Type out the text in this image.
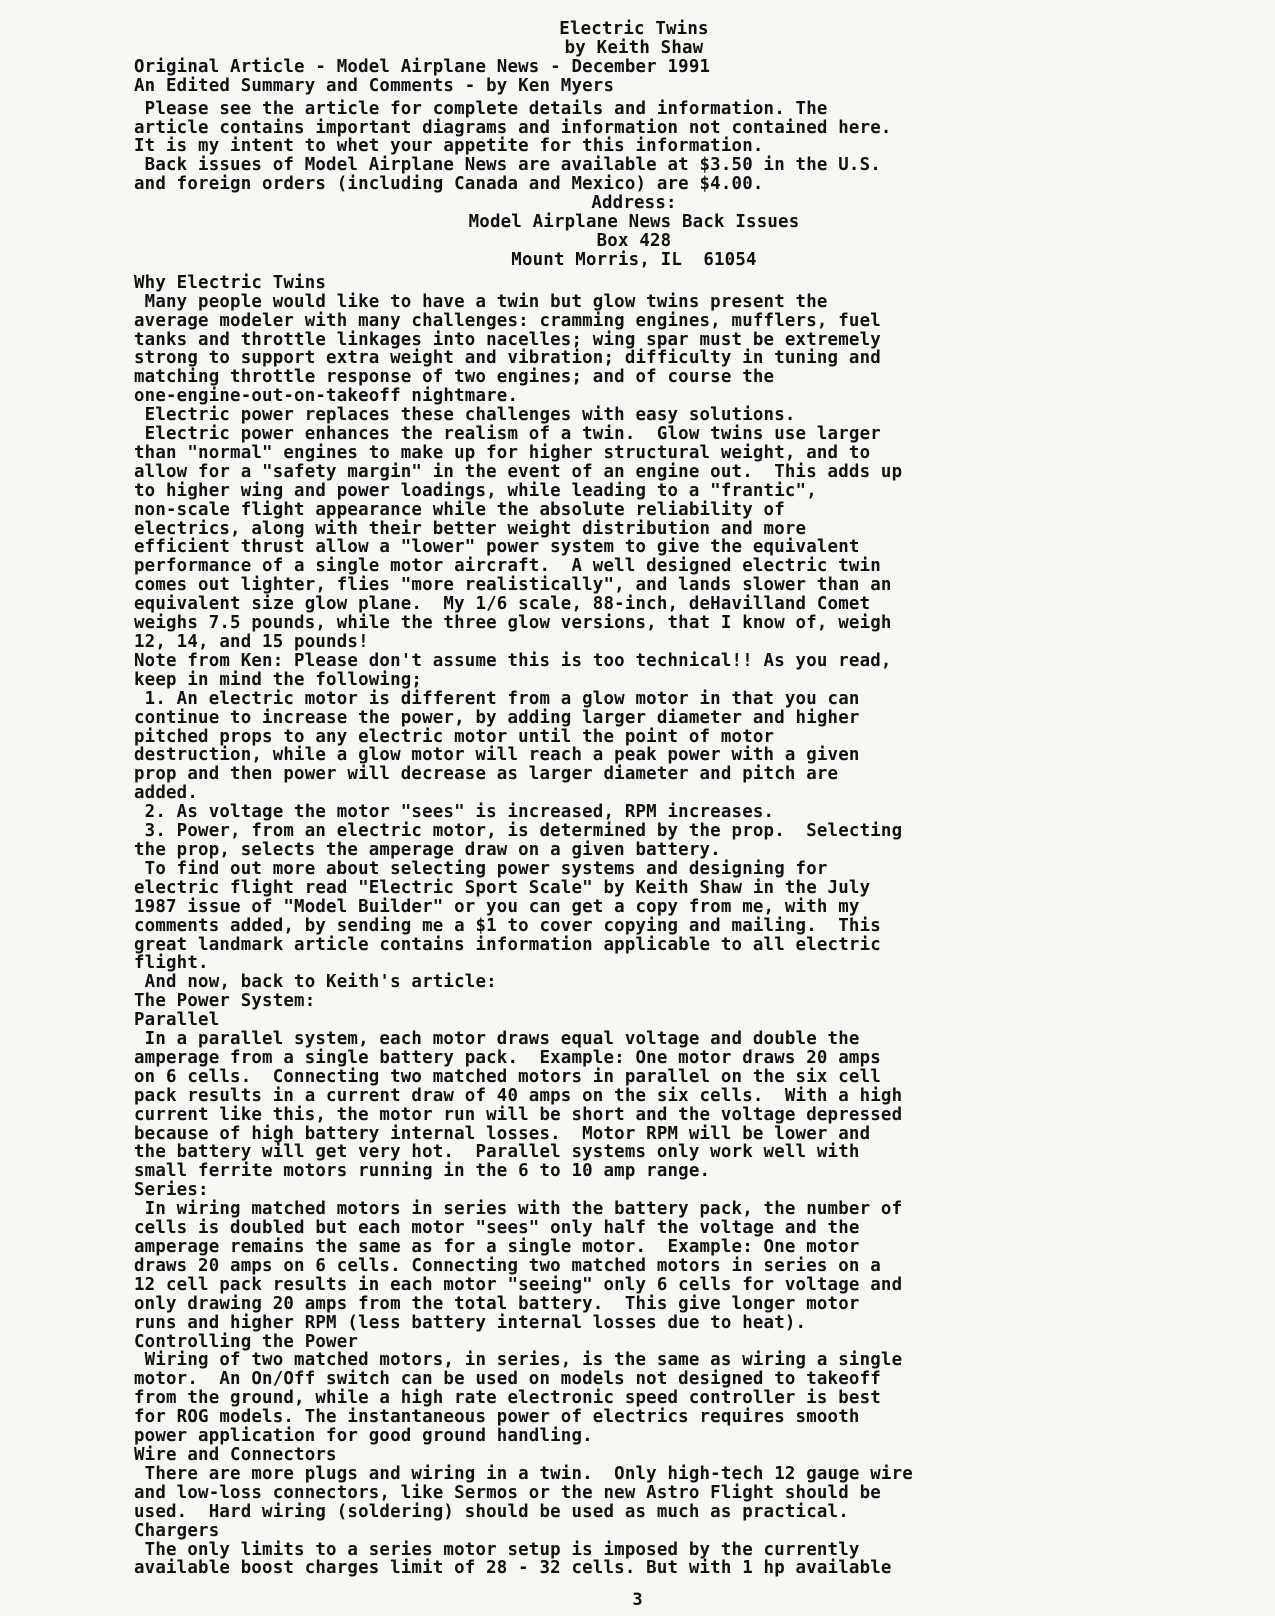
Electric Twins
by Keith Shaw
Original Article - Model Airplane News - December 1991
An Edited Summary and Comments - by Ken Myers
Please see the article for complete details and information. The
article contains important diagrams and information not contained here.
It is my intent to whet your appetite for this information.
Back issues of Model Airplane News are available at $3.50 in the U.S.
and foreign orders (including Canada and Mexico) are $4.00.
Address:
Model Airplane News Back Issues
Box 428
Mount Morris, IL  61054
Why Electric Twins
Many people would like to have a twin but glow twins present the
average modeler with many challenges: cramming engines, mufflers, fuel
tanks and throttle linkages into nacelles; wing spar must be extremely
strong to support extra weight and vibration; difficulty in tuning and
matching throttle response of two engines; and of course the
one-engine-out-on-takeoff nightmare.
Electric power replaces these challenges with easy solutions.
Electric power enhances the realism of a twin.  Glow twins use larger
than "normal" engines to make up for higher structural weight, and to
allow for a "safety margin" in the event of an engine out.  This adds up
to higher wing and power loadings, while leading to a "frantic",
non-scale flight appearance while the absolute reliability of
electrics, along with their better weight distribution and more
efficient thrust allow a "lower" power system to give the equivalent
performance of a single motor aircraft.  A well designed electric twin
comes out lighter, flies "more realistically", and lands slower than an
equivalent size glow plane.  My 1/6 scale, 88-inch, deHavilland Comet
weighs 7.5 pounds, while the three glow versions, that I know of, weigh
12, 14, and 15 pounds!
Note from Ken: Please don't assume this is too technical!! As you read,
keep in mind the following;
1. An electric motor is different from a glow motor in that you can
continue to increase the power, by adding larger diameter and higher
pitched props to any electric motor until the point of motor
destruction, while a glow motor will reach a peak power with a given
prop and then power will decrease as larger diameter and pitch are
added.
2. As voltage the motor "sees" is increased, RPM increases.
3. Power, from an electric motor, is determined by the prop.  Selecting
the prop, selects the amperage draw on a given battery.
To find out more about selecting power systems and designing for
electric flight read "Electric Sport Scale" by Keith Shaw in the July
1987 issue of "Model Builder" or you can get a copy from me, with my
comments added, by sending me a $1 to cover copying and mailing.  This
great landmark article contains information applicable to all electric
flight.
And now, back to Keith's article:
The Power System:
Parallel
In a parallel system, each motor draws equal voltage and double the
amperage from a single battery pack.  Example: One motor draws 20 amps
on 6 cells.  Connecting two matched motors in parallel on the six cell
pack results in a current draw of 40 amps on the six cells.  With a high
current like this, the motor run will be short and the voltage depressed
because of high battery internal losses.  Motor RPM will be lower and
the battery will get very hot.  Parallel systems only work well with
small ferrite motors running in the 6 to 10 amp range.
Series:
In wiring matched motors in series with the battery pack, the number of
cells is doubled but each motor "sees" only half the voltage and the
amperage remains the same as for a single motor.  Example: One motor
draws 20 amps on 6 cells. Connecting two matched motors in series on a
12 cell pack results in each motor "seeing" only 6 cells for voltage and
only drawing 20 amps from the total battery.  This give longer motor
runs and higher RPM (less battery internal losses due to heat).
Controlling the Power
Wiring of two matched motors, in series, is the same as wiring a single
motor.  An On/Off switch can be used on models not designed to takeoff
from the ground, while a high rate electronic speed controller is best
for ROG models. The instantaneous power of electrics requires smooth
power application for good ground handling.
Wire and Connectors
There are more plugs and wiring in a twin.  Only high-tech 12 gauge wire
and low-loss connectors, like Sermos or the new Astro Flight should be
used.  Hard wiring (soldering) should be used as much as practical.
Chargers
The only limits to a series motor setup is imposed by the currently
available boost charges limit of 28 - 32 cells. But with 1 hp available
3
